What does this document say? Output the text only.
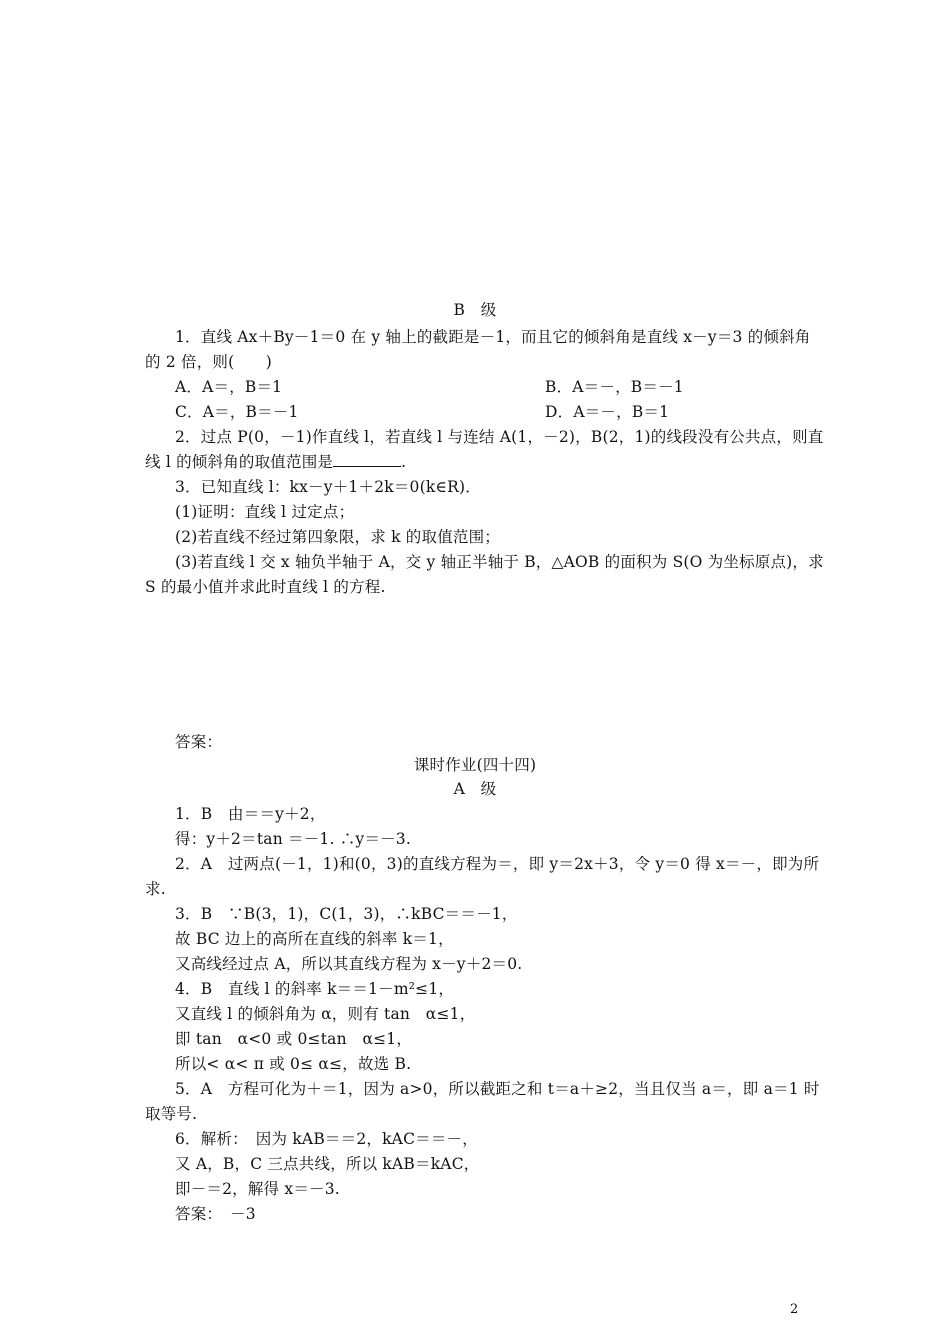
B　级
1．直线 Ax＋By－1＝0 在 y 轴上的截距是－1，而且它的倾斜角是直线 x－y＝3 的倾斜角
的 2 倍，则(　　)
A．A＝，B＝1	B．A＝－，B＝－1
C．A＝，B＝－1	D．A＝－，B＝1
2．过点 P(0，－1)作直线 l，若直线 l 与连结 A(1，－2)，B(2，1)的线段没有公共点，则直
线 l 的倾斜角的取值范围是	.
3．已知直线 l：kx－y＋1＋2k＝0(k∈R)．
(1)证明：直线 l 过定点；
(2)若直线不经过第四象限，求 k 的取值范围；
(3)若直线 l 交 x 轴负半轴于 A，交 y 轴正半轴于 B，△AOB 的面积为 S(O 为坐标原点)，求
S 的最小值并求此时直线 l 的方程.
答案：
课时作业(四十四)
A　级
1．B　由＝＝y＋2，
得：y＋2＝tan ＝－1. ∴y＝－3.
2．A　过两点(－1，1)和(0，3)的直线方程为＝，即 y＝2x＋3，令 y＝0 得 x＝－，即为所
求.
3．B　∵B(3，1)，C(1，3)，∴kBC＝＝－1，
故 BC 边上的高所在直线的斜率 k＝1，
又高线经过点 A，所以其直线方程为 x－y＋2＝0.
4．B　直线 l 的斜率 k＝＝1－m²≤1，
又直线 l 的倾斜角为 α，则有 tan　α≤1，
即 tan　α<0 或 0≤tan　α≤1，
所以< α< π 或 0≤ α≤，故选 B.
5．A　方程可化为＋＝1，因为 a>0，所以截距之和 t＝a＋≥2，当且仅当 a＝，即 a＝1 时
取等号.
6．解析：　因为 kAB＝＝2，kAC＝＝－，
又 A，B，C 三点共线，所以 kAB＝kAC，
即－＝2，解得 x＝－3.
答案：　－3
2
